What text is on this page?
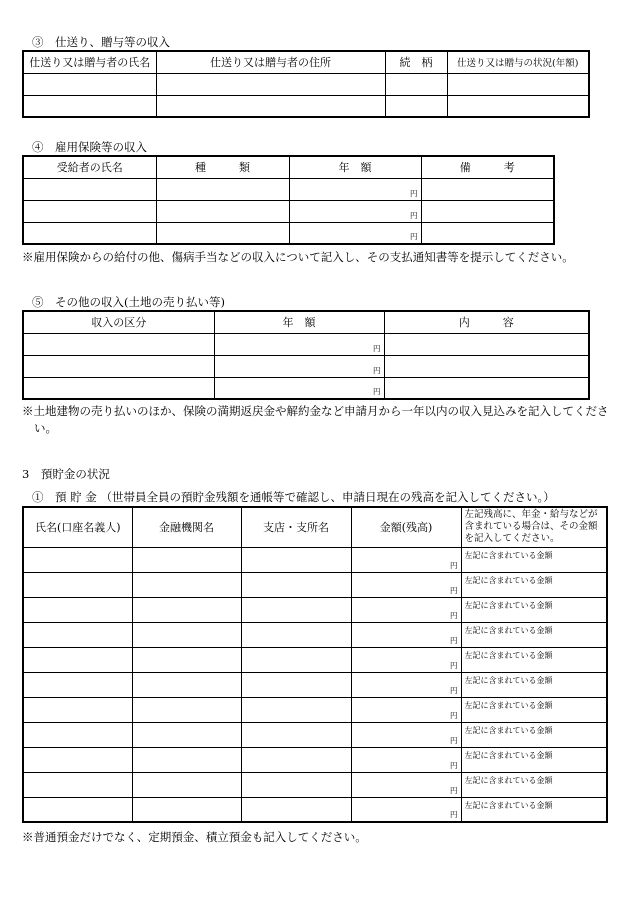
③　仕送り、贈与等の収入
仕送り又は贈与者の氏名	仕送り又は贈与者の住所	続　柄	仕送り又は贈与の状況(年額)

④　雇用保険等の収入
受給者の氏名	種　　　類	年　額	備　　　考
		円	
		円	
		円	
※雇用保険からの給付の他、傷病手当などの収入について記入し、その支払通知書等を提示してください。
⑤　その他の収入(土地の売り払い等)
収入の区分	年　額	内　　　容
	円	
	円	
	円	
※土地建物の売り払いのほか、保険の満期返戻金や解約金など申請月から一年以内の収入見込みを記入してください。
3　預貯金の状況
①　預 貯 金 （世帯員全員の預貯金残額を通帳等で確認し、申請日現在の残高を記入してください。）
氏名(口座名義人)	金融機関名	支店・支所名	金額(残高)	左記残高に、年金・給与などが含まれている場合は、その金額を記入してください。
			円	左記に含まれている金額
			円	左記に含まれている金額
			円	左記に含まれている金額
			円	左記に含まれている金額
			円	左記に含まれている金額
			円	左記に含まれている金額
			円	左記に含まれている金額
			円	左記に含まれている金額
			円	左記に含まれている金額
			円	左記に含まれている金額
			円	左記に含まれている金額
※普通預金だけでなく、定期預金、積立預金も記入してください。
